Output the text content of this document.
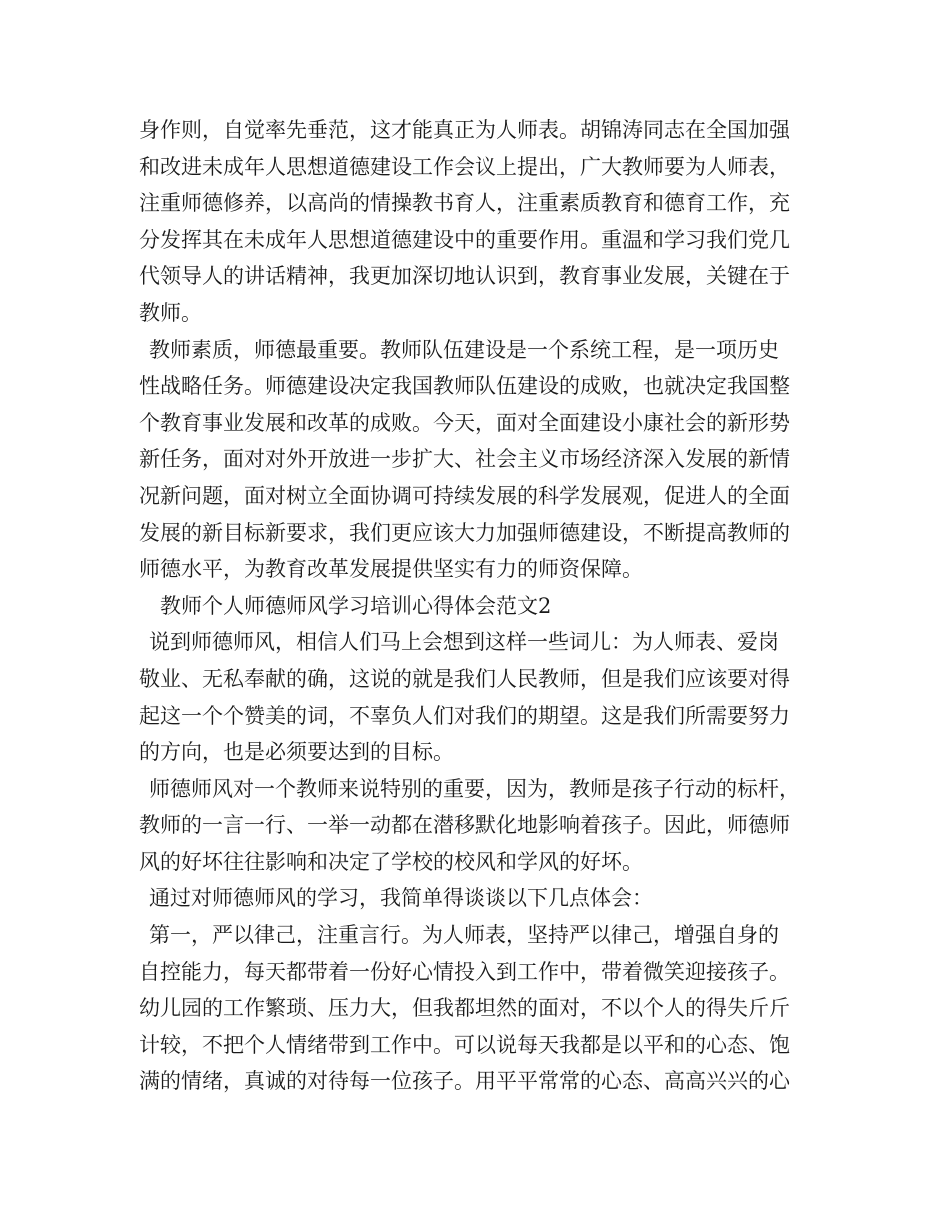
身作则，自觉率先垂范，这才能真正为人师表。胡锦涛同志在全国加强
和改进未成年人思想道德建设工作会议上提出，广大教师要为人师表，
注重师德修养，以高尚的情操教书育人，注重素质教育和德育工作，充
分发挥其在未成年人思想道德建设中的重要作用。重温和学习我们党几
代领导人的讲话精神，我更加深切地认识到，教育事业发展，关键在于
教师。
教师素质，师德最重要。教师队伍建设是一个系统工程，是一项历史
性战略任务。师德建设决定我国教师队伍建设的成败，也就决定我国整
个教育事业发展和改革的成败。今天，面对全面建设小康社会的新形势
新任务，面对对外开放进一步扩大、社会主义市场经济深入发展的新情
况新问题，面对树立全面协调可持续发展的科学发展观，促进人的全面
发展的新目标新要求，我们更应该大力加强师德建设，不断提高教师的
师德水平，为教育改革发展提供坚实有力的师资保障。
教师个人师德师风学习培训心得体会范文2
说到师德师风，相信人们马上会想到这样一些词儿：为人师表、爱岗
敬业、无私奉献的确，这说的就是我们人民教师，但是我们应该要对得
起这一个个赞美的词，不辜负人们对我们的期望。这是我们所需要努力
的方向，也是必须要达到的目标。
师德师风对一个教师来说特别的重要，因为，教师是孩子行动的标杆，
教师的一言一行、一举一动都在潜移默化地影响着孩子。因此，师德师
风的好坏往往影响和决定了学校的校风和学风的好坏。
通过对师德师风的学习，我简单得谈谈以下几点体会：
第一，严以律己，注重言行。为人师表，坚持严以律己，增强自身的
自控能力，每天都带着一份好心情投入到工作中，带着微笑迎接孩子。
幼儿园的工作繁琐、压力大，但我都坦然的面对，不以个人的得失斤斤
计较，不把个人情绪带到工作中。可以说每天我都是以平和的心态、饱
满的情绪，真诚的对待每一位孩子。用平平常常的心态、高高兴兴的心
